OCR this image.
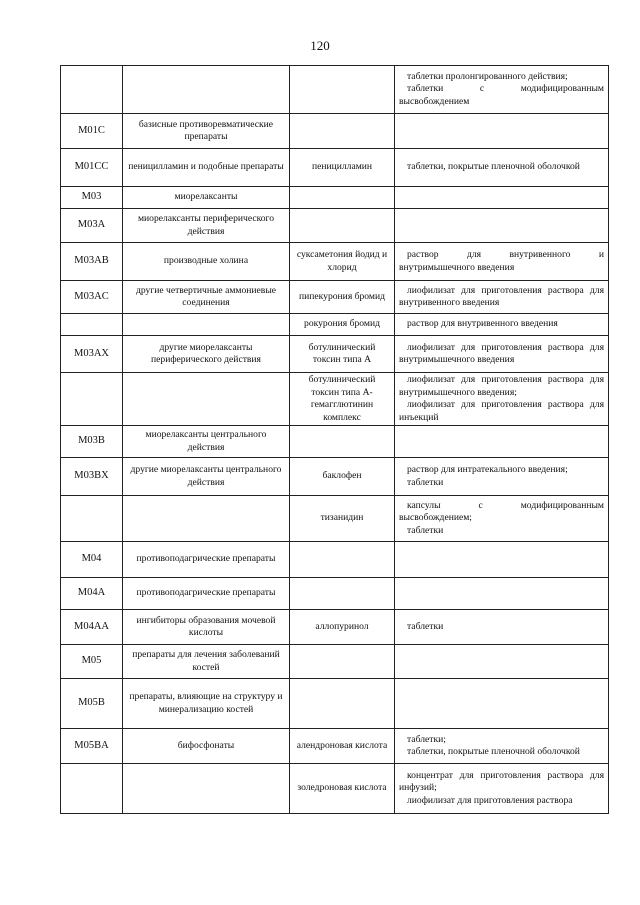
120

			таблетки пролонгированного действия;
таблетки с модифицированным высвобождением

M01C	базисные противоревматические препараты		
M01CC	пеницилламин и подобные препараты	пеницилламин	таблетки, покрытые пленочной оболочкой

M03	миорелаксанты		
M03A	миорелаксанты периферического действия		
M03AB	производные холина	суксаметония йодид и хлорид	раствор для внутривенного и внутримышечного введения

M03AC	другие четвертичные аммониевые соединения	пипекурония бромид	лиофилизат для приготовления раствора для внутривенного введения

		рокурония бромид	раствор для внутривенного введения

M03AX	другие миорелаксанты периферического действия	ботулинический токсин типа А	лиофилизат для приготовления раствора для внутримышечного введения

		ботулинический токсин типа А-гемагглютинин комплекс	лиофилизат для приготовления раствора для внутримышечного введения;
лиофилизат для приготовления раствора для инъекций

M03B	миорелаксанты центрального действия		
M03BX	другие миорелаксанты центрального действия	баклофен	раствор для интратекального введения;
таблетки

		тизанидин	капсулы с модифицированным высвобождением;
таблетки

M04	противоподагрические препараты		
M04A	противоподагрические препараты		
M04AA	ингибиторы образования мочевой кислоты	аллопуринол	таблетки

M05	препараты для лечения заболеваний костей		
M05B	препараты, влияющие на структуру и минерализацию костей		
M05BA	бифосфонаты	алендроновая кислота	таблетки;
таблетки, покрытые пленочной оболочкой

		золедроновая кислота	концентрат для приготовления раствора для инфузий;
лиофилизат для приготовления раствора
